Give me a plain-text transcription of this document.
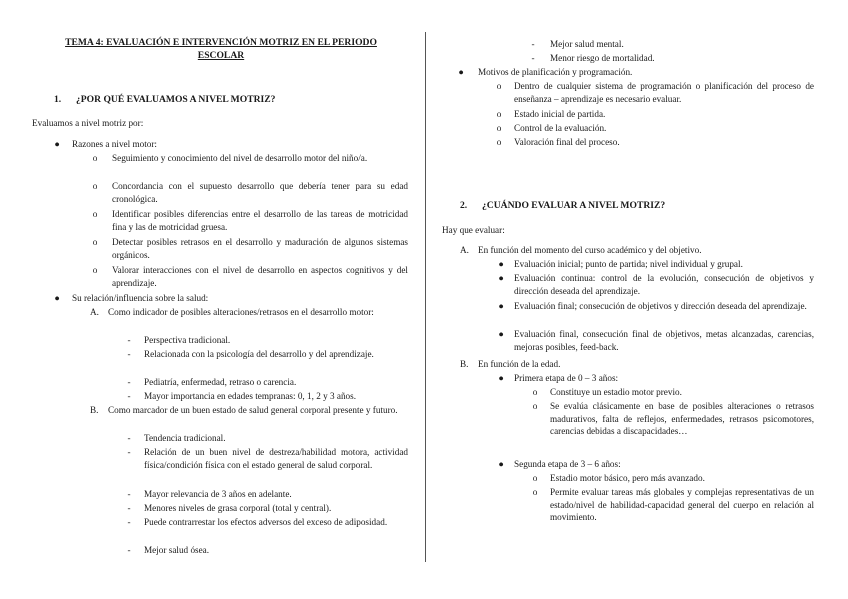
TEMA 4: EVALUACIÓN E INTERVENCIÓN MOTRIZ EN EL PERIODO ESCOLAR
1. ¿POR QUÉ EVALUAMOS A NIVEL MOTRIZ?
Evaluamos a nivel motriz por:
●	Razones a nivel motor:
o	Seguimiento y conocimiento del nivel de desarrollo motor del niño/a.
o	Concordancia con el supuesto desarrollo que debería tener para su edad cronológica.
o	Identificar posibles diferencias entre el desarrollo de las tareas de motricidad fina y las de motricidad gruesa.
o	Detectar posibles retrasos en el desarrollo y maduración de algunos sistemas orgánicos.
o	Valorar interacciones con el nivel de desarrollo en aspectos cognitivos y del aprendizaje.
●	Su relación/influencia sobre la salud:
A. Como indicador de posibles alteraciones/retrasos en el desarrollo motor:
-	Perspectiva tradicional.
-	Relacionada con la psicología del desarrollo y del aprendizaje.
-	Pediatría, enfermedad, retraso o carencia.
-	Mayor importancia en edades tempranas: 0, 1, 2 y 3 años.
B.	Como marcador de un buen estado de salud general corporal presente y futuro.
-	Tendencia tradicional.
-	Relación de un buen nivel de destreza/habilidad motora, actividad física/condición física con el estado general de salud corporal.
-	Mayor relevancia de 3 años en adelante.
-	Menores niveles de grasa corporal (total y central).
-	Puede contrarrestar los efectos adversos del exceso de adiposidad.
-	Mejor salud ósea.
-	Mejor salud mental.
-	Menor riesgo de mortalidad.
●	Motivos de planificación y programación.
o	Dentro de cualquier sistema de programación o planificación del proceso de enseñanza – aprendizaje es necesario evaluar.
o	Estado inicial de partida.
o	Control de la evaluación.
o	Valoración final del proceso.
2. ¿CUÁNDO EVALUAR A NIVEL MOTRIZ?
Hay que evaluar:
A. En función del momento del curso académico y del objetivo.
●	Evaluación inicial; punto de partida; nivel individual y grupal.
●	Evaluación continua: control de la evolución, consecución de objetivos y dirección deseada del aprendizaje.
●	Evaluación final; consecución de objetivos y dirección deseada del aprendizaje.
●	Evaluación final, consecución final de objetivos, metas alcanzadas, carencias, mejoras posibles, feed-back.
B.	En función de la edad.
●	Primera etapa de 0 – 3 años:
o	Constituye un estadio motor previo.
o	Se evalúa clásicamente en base de posibles alteraciones o retrasos madurativos, falta de reflejos, enfermedades, retrasos psicomotores, carencias debidas a discapacidades…
●	Segunda etapa de 3 – 6 años:
o	Estadio motor básico, pero más avanzado.
o	Permite evaluar tareas más globales y complejas representativas de un estado/nivel de habilidad-capacidad general del cuerpo en relación al movimiento.
